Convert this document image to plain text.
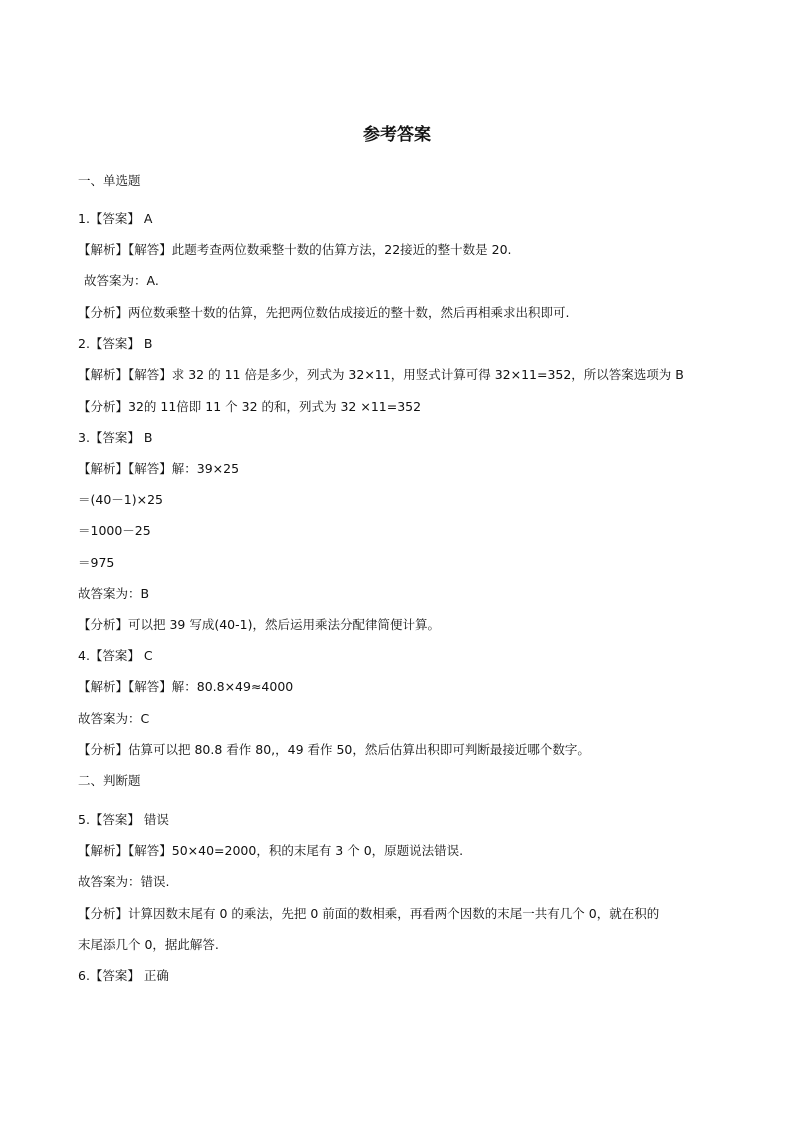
参考答案
一、单选题
1.【答案】 A
【解析】【解答】此题考查两位数乘整十数的估算方法，22接近的整十数是 20.
故答案为：A.
【分析】两位数乘整十数的估算，先把两位数估成接近的整十数，然后再相乘求出积即可.
2.【答案】 B
【解析】【解答】求 32 的 11 倍是多少，列式为 32×11，用竖式计算可得 32×11=352，所以答案选项为 B
【分析】32的 11倍即 11 个 32 的和，列式为 32 ×11=352
3.【答案】 B
【解析】【解答】解：39×25
＝(40－1)×25
＝1000－25
＝975
故答案为：B
【分析】可以把 39 写成(40-1)，然后运用乘法分配律简便计算。
4.【答案】 C
【解析】【解答】解：80.8×49≈4000
故答案为：C
【分析】估算可以把 80.8 看作 80,，49 看作 50，然后估算出积即可判断最接近哪个数字。
二、判断题
5.【答案】 错误
【解析】【解答】50×40=2000，积的末尾有 3 个 0，原题说法错误.
故答案为：错误.
【分析】计算因数末尾有 0 的乘法，先把 0 前面的数相乘，再看两个因数的末尾一共有几个 0，就在积的
末尾添几个 0，据此解答.
6.【答案】 正确
